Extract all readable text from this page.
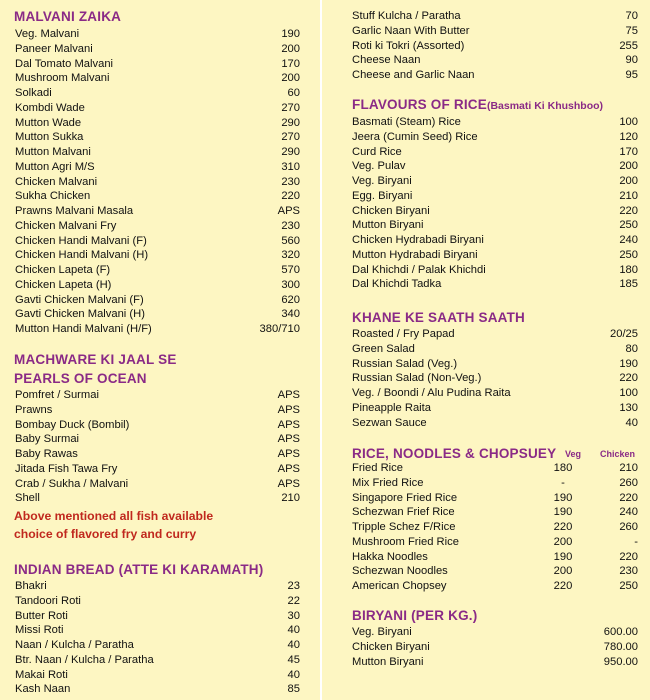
MALVANI ZAIKA
Veg. Malvani	190
Paneer Malvani	200
Dal Tomato Malvani	170
Mushroom Malvani	200
Solkadi	60
Kombdi Wade	270
Mutton Wade	290
Mutton Sukka	270
Mutton Malvani	290
Mutton Agri M/S	310
Chicken Malvani	230
Sukha Chicken	220
Prawns Malvani Masala	APS
Chicken Malvani Fry	230
Chicken Handi Malvani (F)	560
Chicken Handi Malvani (H)	320
Chicken Lapeta (F)	570
Chicken Lapeta (H)	300
Gavti Chicken Malvani (F)	620
Gavti Chicken Malvani (H)	340
Mutton Handi Malvani (H/F)	380/710
MACHWARE KI JAAL SE
PEARLS OF OCEAN
Pomfret / Surmai	APS
Prawns	APS
Bombay Duck (Bombil)	APS
Baby Surmai	APS
Baby Rawas	APS
Jitada Fish Tawa Fry	APS
Crab / Sukha / Malvani	APS
Shell	210
Above mentioned all fish available
choice of flavored fry and curry
INDIAN BREAD (ATTE KI KARAMATH)
Bhakri	23
Tandoori Roti	22
Butter Roti	30
Missi Roti	40
Naan / Kulcha / Paratha	40
Btr. Naan / Kulcha / Paratha	45
Makai Roti	40
Kash Naan	85
Stuff Kulcha / Paratha	70
Garlic Naan With Butter	75
Roti ki Tokri (Assorted)	255
Cheese Naan	90
Cheese and Garlic Naan	95
FLAVOURS OF RICE(Basmati Ki Khushboo)
Basmati (Steam) Rice	100
Jeera (Cumin Seed) Rice	120
Curd Rice	170
Veg. Pulav	200
Veg. Biryani	200
Egg. Biryani	210
Chicken Biryani	220
Mutton Biryani	250
Chicken Hydrabadi Biryani	240
Mutton Hydrabadi Biryani	250
Dal Khichdi / Palak Khichdi	180
Dal Khichdi Tadka	185
KHANE KE SAATH SAATH
Roasted / Fry Papad	20/25
Green Salad	80
Russian Salad (Veg.)	190
Russian Salad (Non-Veg.)	220
Veg. / Boondi / Alu Pudina Raita	100
Pineapple Raita	130
Sezwan Sauce	40
RICE, NOODLES & CHOPSUEY Veg Chicken
Fried Rice	180	210
Mix Fried Rice	-	260
Singapore Fried Rice	190	220
Schezwan Frief Rice	190	240
Tripple Schez F/Rice	220	260
Mushroom Fried Rice	200	-
Hakka Noodles	190	220
Schezwan Noodles	200	230
American Chopsey	220	250
BIRYANI (PER KG.)
Veg. Biryani	600.00
Chicken Biryani	780.00
Mutton Biryani	950.00
